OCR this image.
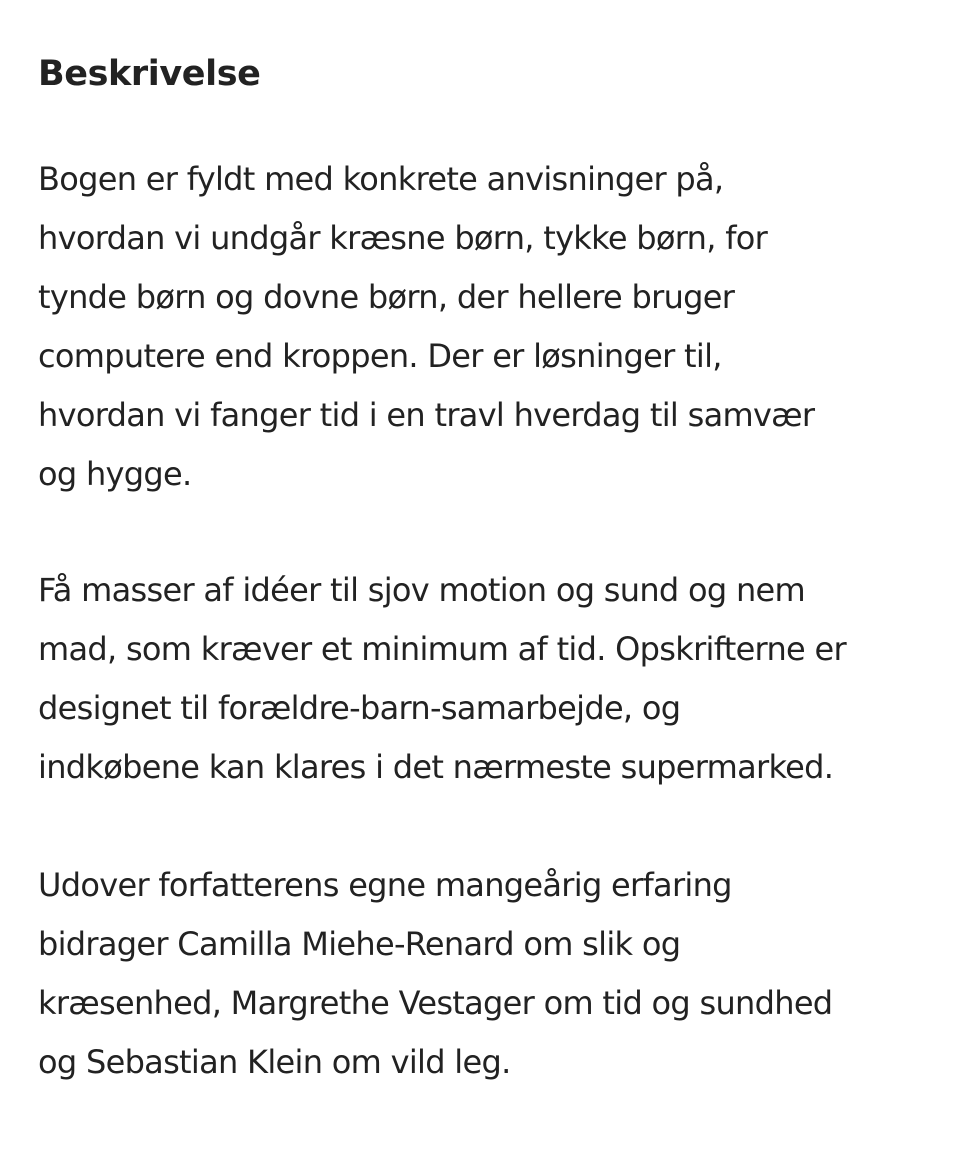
Beskrivelse

Bogen er fyldt med konkrete anvisninger på,
hvordan vi undgår kræsne børn, tykke børn, for
tynde børn og dovne børn, der hellere bruger
computere end kroppen. Der er løsninger til,
hvordan vi fanger tid i en travl hverdag til samvær
og hygge.

Få masser af idéer til sjov motion og sund og nem
mad, som kræver et minimum af tid. Opskrifterne er
designet til forældre-barn-samarbejde, og
indkøbene kan klares i det nærmeste supermarked.

Udover forfatterens egne mangeårig erfaring
bidrager Camilla Miehe-Renard om slik og
kræsenhed, Margrethe Vestager om tid og sundhed
og Sebastian Klein om vild leg.
